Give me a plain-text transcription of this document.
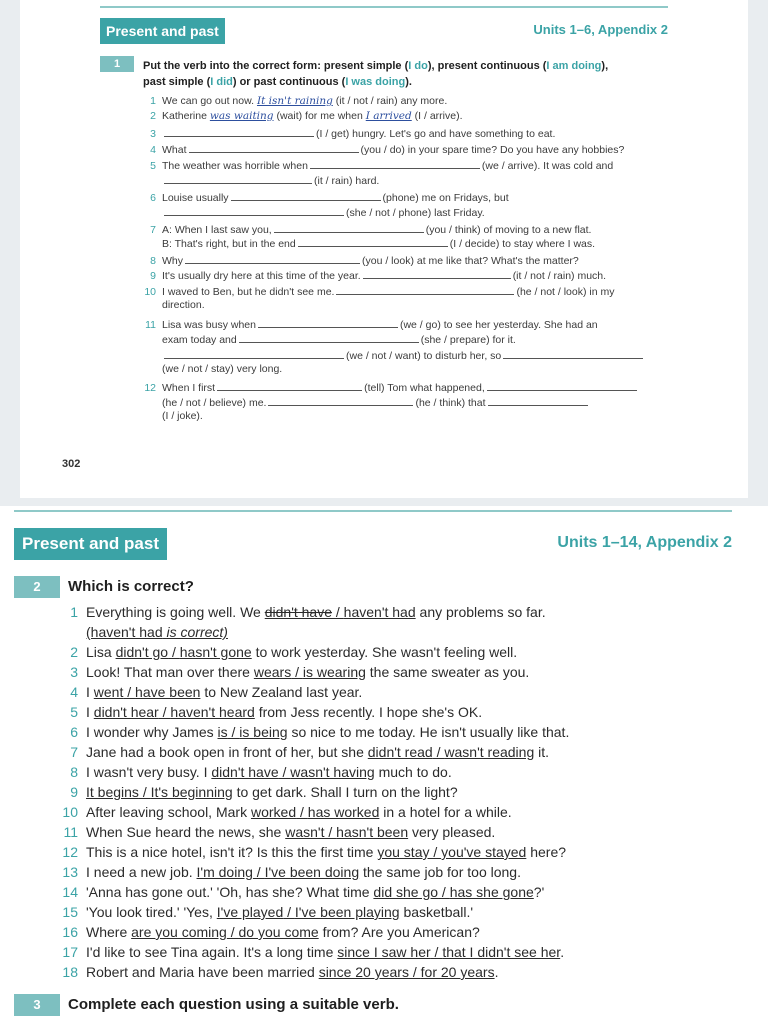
Present and past	Units 1–6, Appendix 2
1	Put the verb into the correct form: present simple (I do), present continuous (I am doing),
past simple (I did) or past continuous (I was doing).
1 We can go out now. It isn't raining (it / not / rain) any more.
2 Katherine was waiting (wait) for me when I arrived (I / arrive).
3	(I / get) hungry. Let's go and have something to eat.
4 What	(you / do) in your spare time? Do you have any hobbies?
5 The weather was horrible when	(we / arrive). It was cold and
(it / rain) hard.
6 Louise usually	(phone) me on Fridays, but
(she / not / phone) last Friday.
7 A: When I last saw you,	(you / think) of moving to a new flat.
B: That's right, but in the end	(I / decide) to stay where I was.
8 Why	(you / look) at me like that? What's the matter?
9 It's usually dry here at this time of the year.	(it / not / rain) much.
10 I waved to Ben, but he didn't see me.	(he / not / look) in my
direction.
11 Lisa was busy when	(we / go) to see her yesterday. She had an
exam today and	(she / prepare) for it.
(we / not / want) to disturb her, so
(we / not / stay) very long.
12 When I first	(tell) Tom what happened,
(he / not / believe) me.	(he / think) that
(I / joke).
302
Present and past	Units 1–14, Appendix 2
2	Which is correct?
1 Everything is going well. We didn't have / haven't had any problems so far.
(haven't had is correct)
2 Lisa didn't go / hasn't gone to work yesterday. She wasn't feeling well.
3 Look! That man over there wears / is wearing the same sweater as you.
4 I went / have been to New Zealand last year.
5 I didn't hear / haven't heard from Jess recently. I hope she's OK.
6 I wonder why James is / is being so nice to me today. He isn't usually like that.
7 Jane had a book open in front of her, but she didn't read / wasn't reading it.
8 I wasn't very busy. I didn't have / wasn't having much to do.
9 It begins / It's beginning to get dark. Shall I turn on the light?
10 After leaving school, Mark worked / has worked in a hotel for a while.
11 When Sue heard the news, she wasn't / hasn't been very pleased.
12 This is a nice hotel, isn't it? Is this the first time you stay / you've stayed here?
13 I need a new job. I'm doing / I've been doing the same job for too long.
14 'Anna has gone out.' 'Oh, has she? What time did she go / has she gone?'
15 'You look tired.' 'Yes, I've played / I've been playing basketball.'
16 Where are you coming / do you come from? Are you American?
17 I'd like to see Tina again. It's a long time since I saw her / that I didn't see her.
18 Robert and Maria have been married since 20 years / for 20 years.
3	Complete each question using a suitable verb.
